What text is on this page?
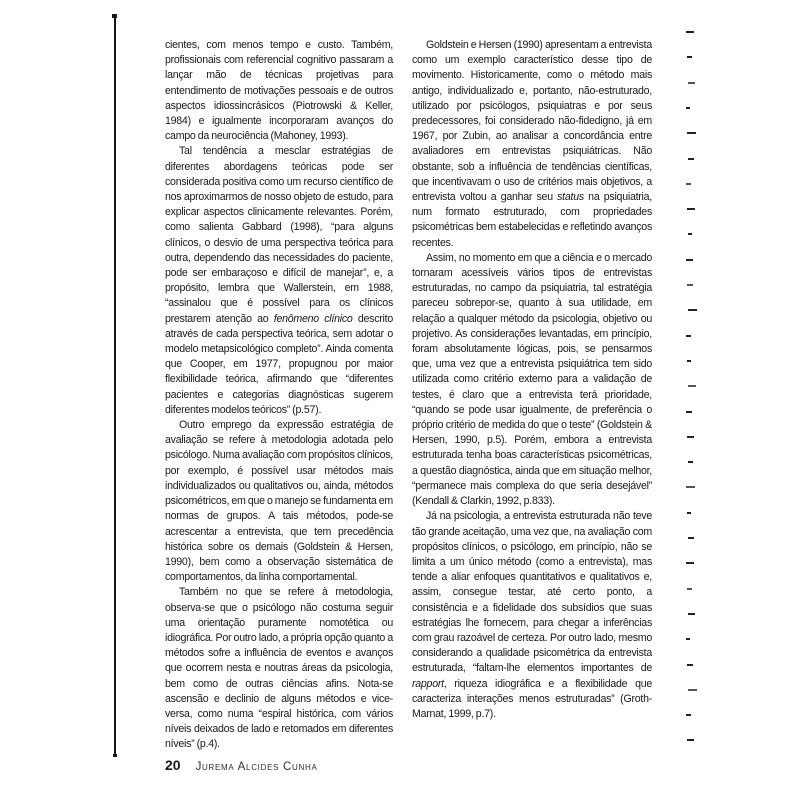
cientes, com menos tempo e custo. Também, profissionais com referencial cognitivo passaram a lançar mão de técnicas projetivas para entendimento de motivações pessoais e de outros aspectos idiossincrásicos (Piotrowski & Keller, 1984) e igualmente incorporaram avanços do campo da neurociência (Mahoney, 1993).

Tal tendência a mesclar estratégias de diferentes abordagens teóricas pode ser considerada positiva como um recurso científico de nos aproximarmos de nosso objeto de estudo, para explicar aspectos clinicamente relevantes. Porém, como salienta Gabbard (1998), “para alguns clínicos, o desvio de uma perspectiva teórica para outra, dependendo das necessidades do paciente, pode ser embaraçoso e difícil de manejar”, e, a propósito, lembra que Wallerstein, em 1988, “assinalou que é possível para os clínicos prestarem atenção ao fenômeno clínico descrito através de cada perspectiva teórica, sem adotar o modelo metapsicológico completo”. Ainda comenta que Cooper, em 1977, propugnou por maior flexibilidade teórica, afirmando que “diferentes pacientes e categorias diagnósticas sugerem diferentes modelos teóricos” (p.57).

Outro emprego da expressão estratégia de avaliação se refere à metodologia adotada pelo psicólogo. Numa avaliação com propósitos clínicos, por exemplo, é possível usar métodos mais individualizados ou qualitativos ou, ainda, métodos psicométricos, em que o manejo se fundamenta em normas de grupos. A tais métodos, pode-se acrescentar a entrevista, que tem precedência histórica sobre os demais (Goldstein & Hersen, 1990), bem como a observação sistemática de comportamentos, da linha comportamental.

Também no que se refere à metodologia, observa-se que o psicólogo não costuma seguir uma orientação puramente nomotética ou idiográfica. Por outro lado, a própria opção quanto a métodos sofre a influência de eventos e avanços que ocorrem nesta e noutras áreas da psicologia, bem como de outras ciências afins. Nota-se ascensão e declinio de alguns métodos e vice-versa, como numa “espiral histórica, com vários níveis deixados de lado e retomados em diferentes níveis” (p.4).

Goldstein e Hersen (1990) apresentam a entrevista como um exemplo característico desse tipo de movimento. Historicamente, como o método mais antigo, individualizado e, portanto, não-estruturado, utilizado por psicólogos, psiquiatras e por seus predecessores, foi considerado não-fidedigno, já em 1967, por Zubin, ao analisar a concordância entre avaliadores em entrevistas psiquiátricas. Não obstante, sob a influência de tendências científicas, que incentivavam o uso de critérios mais objetivos, a entrevista voltou a ganhar seu status na psiquiatria, num formato estruturado, com propriedades psicométricas bem estabelecidas e refletindo avanços recentes.

Assim, no momento em que a ciência e o mercado tornaram acessíveis vários tipos de entrevistas estruturadas, no campo da psiquiatria, tal estratégia pareceu sobrepor-se, quanto à sua utilidade, em relação a qualquer método da psicologia, objetivo ou projetivo. As considerações levantadas, em princípio, foram absolutamente lógicas, pois, se pensarmos que, uma vez que a entrevista psiquiátrica tem sido utilizada como critério externo para a validação de testes, é claro que a entrevista terá prioridade, “quando se pode usar igualmente, de preferência o próprio critério de medida do que o teste” (Goldstein & Hersen, 1990, p.5). Porém, embora a entrevista estruturada tenha boas características psicométricas, a questão diagnóstica, ainda que em situação melhor, “permanece mais complexa do que seria desejável” (Kendall & Clarkin, 1992, p.833).

Já na psicologia, a entrevista estruturada não teve tão grande aceitação, uma vez que, na avaliação com propósitos clínicos, o psicólogo, em princípio, não se limita a um único método (como a entrevista), mas tende a aliar enfoques quantitativos e qualitativos e, assim, consegue testar, até certo ponto, a consistência e a fidelidade dos subsídios que suas estratégias lhe fornecem, para chegar a inferências com grau razoável de certeza. Por outro lado, mesmo considerando a qualidade psicométrica da entrevista estruturada, “faltam-lhe elementos importantes de rapport, riqueza idiográfica e a flexibilidade que caracteriza interações menos estruturadas” (Groth-Marnat, 1999, p.7).

20 Jurema Alcides Cunha
